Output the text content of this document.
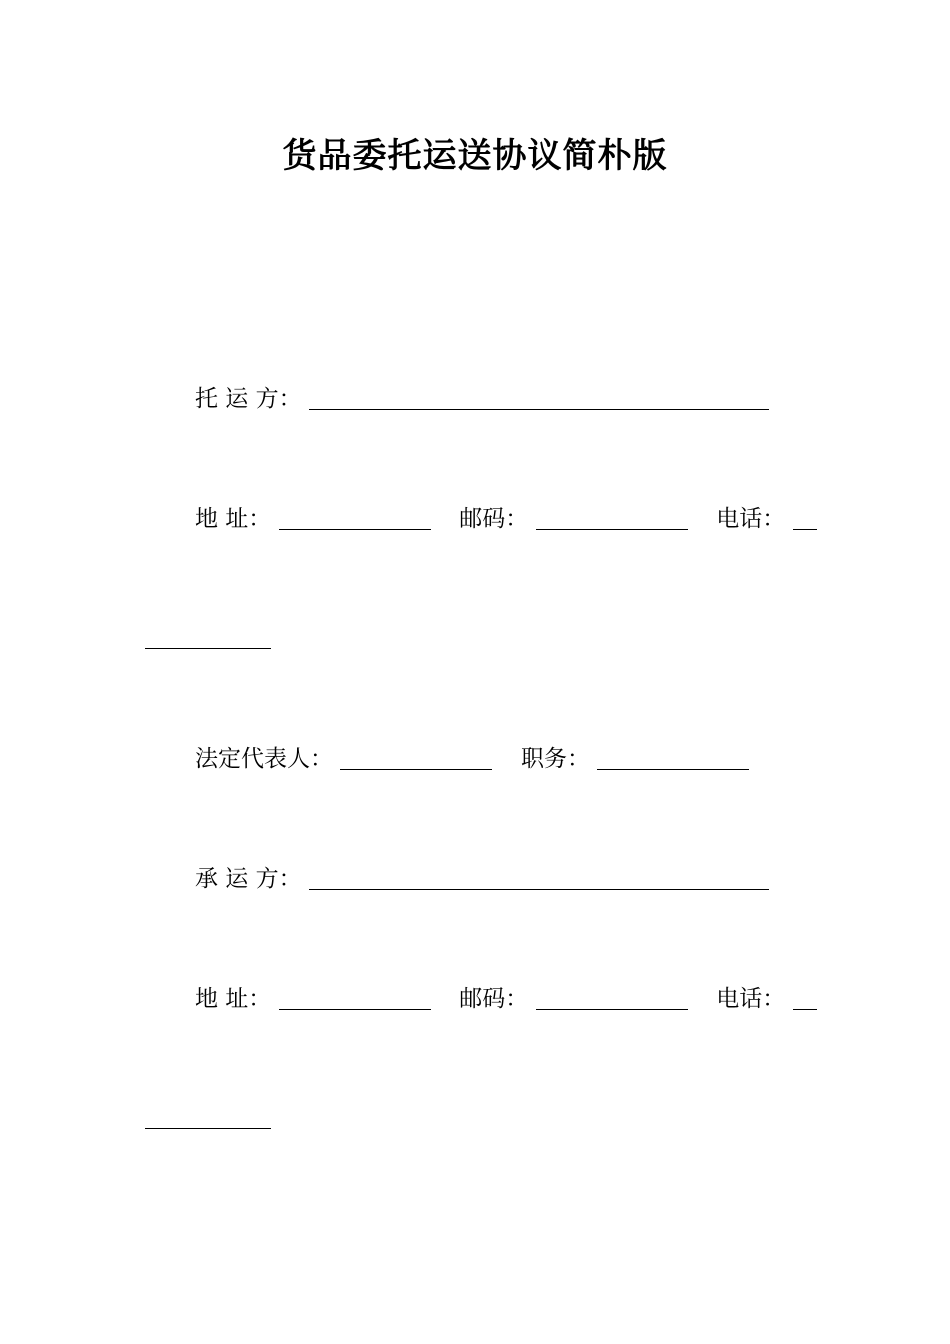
货品委托运送协议简朴版
托 运 方：
地 址：	邮码：	电话：
法定代表人：	职务：
承 运 方：
地 址：	邮码：	电话：
